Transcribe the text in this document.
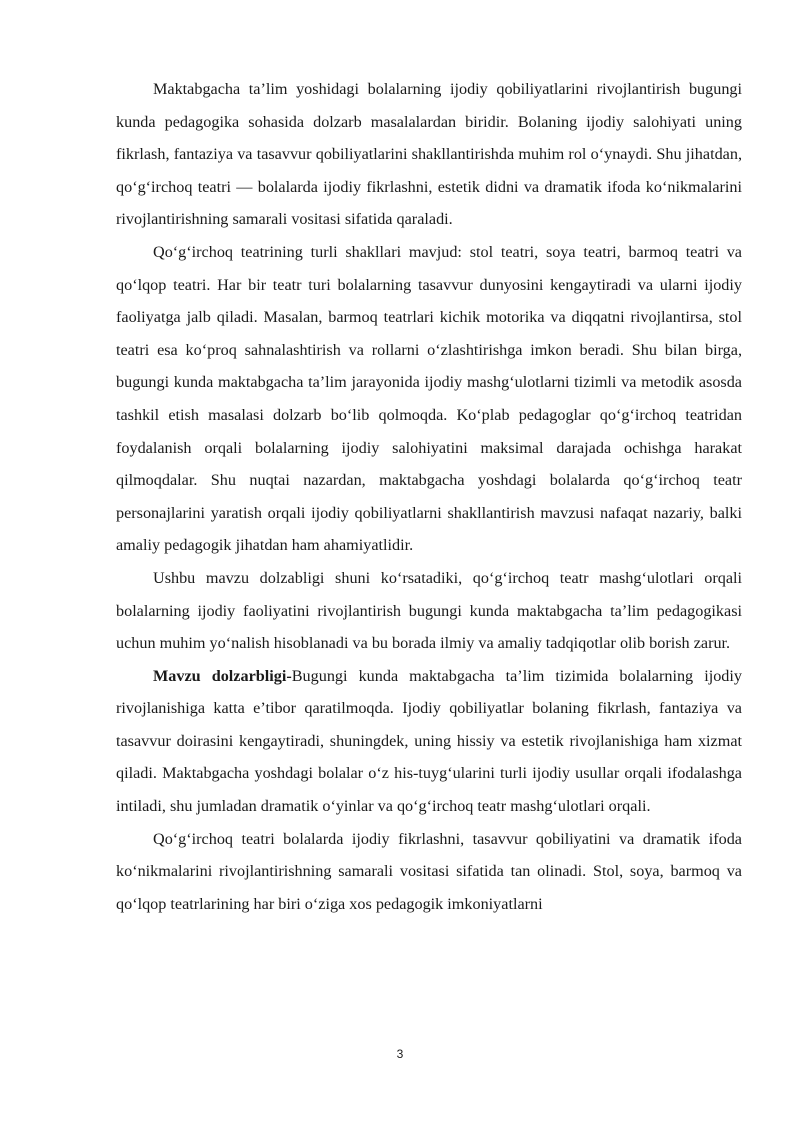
Maktabgacha ta’lim yoshidagi bolalarning ijodiy qobiliyatlarini rivojlantirish bugungi kunda pedagogika sohasida dolzarb masalalardan biridir. Bolaning ijodiy salohiyati uning fikrlash, fantaziya va tasavvur qobiliyatlarini shakllantirishda muhim rol o‘ynaydi. Shu jihatdan, qo‘g‘irchoq teatri — bolalarda ijodiy fikrlashni, estetik didni va dramatik ifoda ko‘nikmalarini rivojlantirishning samarali vositasi sifatida qaraladi.

Qo‘g‘irchoq teatrining turli shakllari mavjud: stol teatri, soya teatri, barmoq teatri va qo‘lqop teatri. Har bir teatr turi bolalarning tasavvur dunyosini kengaytiradi va ularni ijodiy faoliyatga jalb qiladi. Masalan, barmoq teatrlari kichik motorika va diqqatni rivojlantirsa, stol teatri esa ko‘proq sahnalashtirish va rollarni o‘zlashtirishga imkon beradi. Shu bilan birga, bugungi kunda maktabgacha ta’lim jarayonida ijodiy mashg‘ulotlarni tizimli va metodik asosda tashkil etish masalasi dolzarb bo‘lib qolmoqda. Ko‘plab pedagoglar qo‘g‘irchoq teatridan foydalanish orqali bolalarning ijodiy salohiyatini maksimal darajada ochishga harakat qilmoqdalar. Shu nuqtai nazardan, maktabgacha yoshdagi bolalarda qo‘g‘irchoq teatr personajlarini yaratish orqali ijodiy qobiliyatlarni shakllantirish mavzusi nafaqat nazariy, balki amaliy pedagogik jihatdan ham ahamiyatlidir.

Ushbu mavzu dolzabligi shuni ko‘rsatadiki, qo‘g‘irchoq teatr mashg‘ulotlari orqali bolalarning ijodiy faoliyatini rivojlantirish bugungi kunda maktabgacha ta’lim pedagogikasi uchun muhim yo‘nalish hisoblanadi va bu borada ilmiy va amaliy tadqiqotlar olib borish zarur.

Mavzu dolzarbligi-Bugungi kunda maktabgacha ta’lim tizimida bolalarning ijodiy rivojlanishiga katta e’tibor qaratilmoqda. Ijodiy qobiliyatlar bolaning fikrlash, fantaziya va tasavvur doirasini kengaytiradi, shuningdek, uning hissiy va estetik rivojlanishiga ham xizmat qiladi. Maktabgacha yoshdagi bolalar o‘z his-tuyg‘ularini turli ijodiy usullar orqali ifodalashga intiladi, shu jumladan dramatik o‘yinlar va qo‘g‘irchoq teatr mashg‘ulotlari orqali.

Qo‘g‘irchoq teatri bolalarda ijodiy fikrlashni, tasavvur qobiliyatini va dramatik ifoda ko‘nikmalarini rivojlantirishning samarali vositasi sifatida tan olinadi. Stol, soya, barmoq va qo‘lqop teatrlarining har biri o‘ziga xos pedagogik imkoniyatlarni

3
